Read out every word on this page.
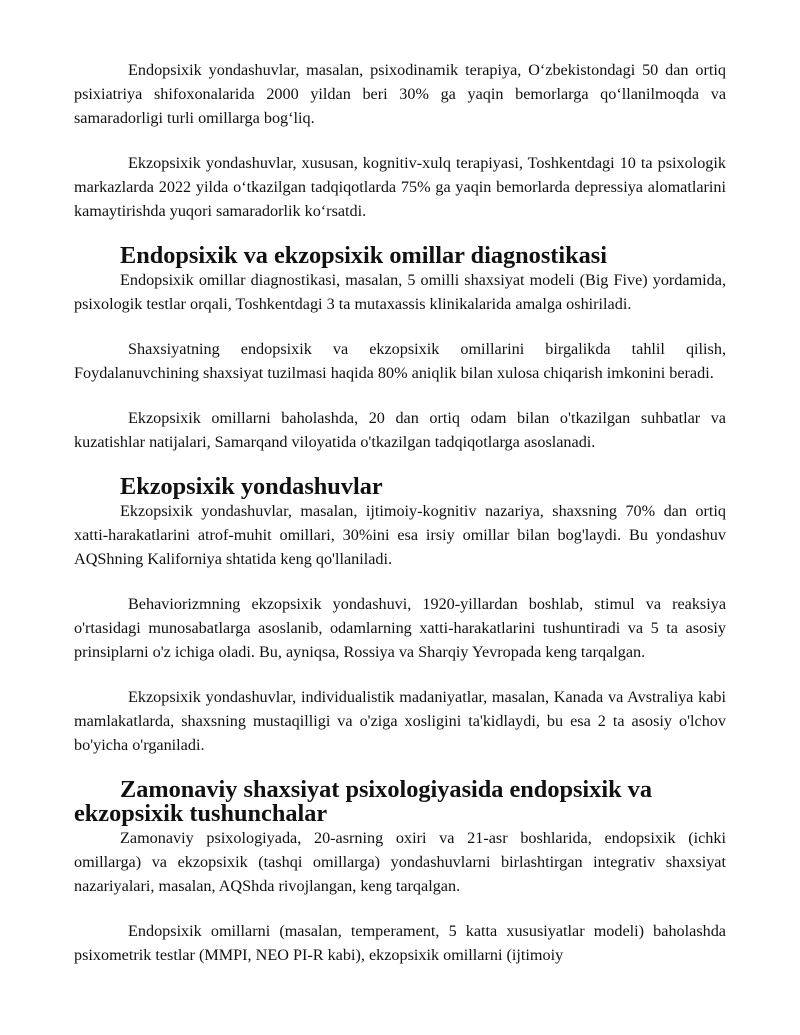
Endopsixik yondashuvlar, masalan, psixodinamik terapiya, O‘zbekistondagi 50 dan ortiq psixiatriya shifoxonalarida 2000 yildan beri 30% ga yaqin bemorlarga qo‘llanilmoqda va samaradorligi turli omillarga bog‘liq.

Ekzopsixik yondashuvlar, xususan, kognitiv-xulq terapiyasi, Toshkentdagi 10 ta psixologik markazlarda 2022 yilda o‘tkazilgan tadqiqotlarda 75% ga yaqin bemorlarda depressiya alomatlarini kamaytirishda yuqori samaradorlik ko‘rsatdi.

Endopsixik va ekzopsixik omillar diagnostikasi

Endopsixik omillar diagnostikasi, masalan, 5 omilli shaxsiyat modeli (Big Five) yordamida, psixologik testlar orqali, Toshkentdagi 3 ta mutaxassis klinikalarida amalga oshiriladi.

Shaxsiyatning endopsixik va ekzopsixik omillarini birgalikda tahlil qilish, Foydalanuvchining shaxsiyat tuzilmasi haqida 80% aniqlik bilan xulosa chiqarish imkonini beradi.

Ekzopsixik omillarni baholashda, 20 dan ortiq odam bilan o'tkazilgan suhbatlar va kuzatishlar natijalari, Samarqand viloyatida o'tkazilgan tadqiqotlarga asoslanadi.

Ekzopsixik yondashuvlar

Ekzopsixik yondashuvlar, masalan, ijtimoiy-kognitiv nazariya, shaxsning 70% dan ortiq xatti-harakatlarini atrof-muhit omillari, 30%ini esa irsiy omillar bilan bog'laydi. Bu yondashuv AQShning Kaliforniya shtatida keng qo'llaniladi.

Behaviorizmning ekzopsixik yondashuvi, 1920-yillardan boshlab, stimul va reaksiya o'rtasidagi munosabatlarga asoslanib, odamlarning xatti-harakatlarini tushuntiradi va 5 ta asosiy prinsiplarni o'z ichiga oladi. Bu, ayniqsa, Rossiya va Sharqiy Yevropada keng tarqalgan.

Ekzopsixik yondashuvlar, individualistik madaniyatlar, masalan, Kanada va Avstraliya kabi mamlakatlarda, shaxsning mustaqilligi va o'ziga xosligini ta'kidlaydi, bu esa 2 ta asosiy o'lchov bo'yicha o'rganiladi.

Zamonaviy shaxsiyat psixologiyasida endopsixik va ekzopsixik tushunchalar

Zamonaviy psixologiyada, 20-asrning oxiri va 21-asr boshlarida, endopsixik (ichki omillarga) va ekzopsixik (tashqi omillarga) yondashuvlarni birlashtirgan integrativ shaxsiyat nazariyalari, masalan, AQShda rivojlangan, keng tarqalgan.

Endopsixik omillarni (masalan, temperament, 5 katta xususiyatlar modeli) baholashda psixometrik testlar (MMPI, NEO PI-R kabi), ekzopsixik omillarni (ijtimoiy
